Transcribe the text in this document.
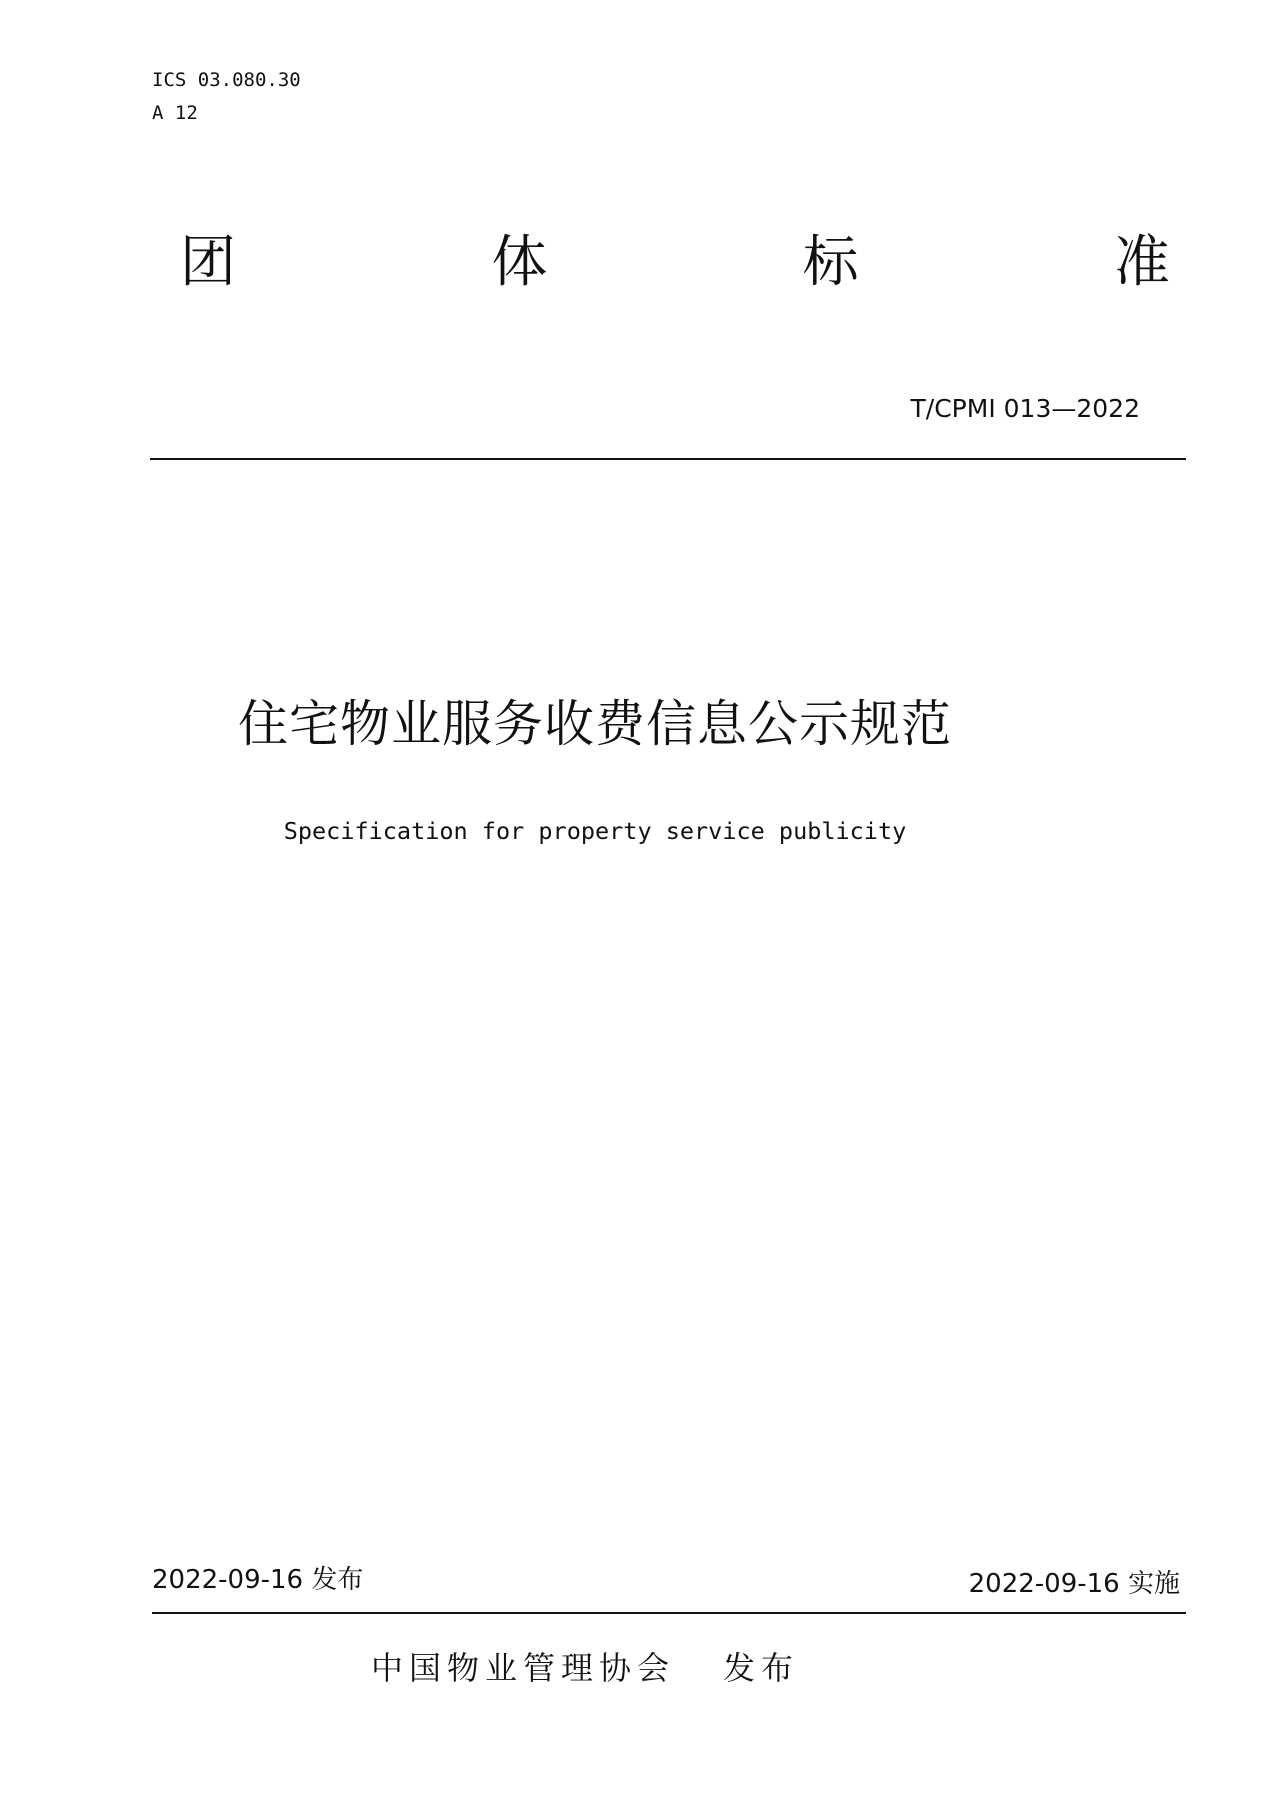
ICS 03.080.30
A 12
团	体	标	准
T/CPMI 013—2022
住宅物业服务收费信息公示规范
Specification for property service publicity
2022-09-16 发布	2022-09-16 实施
中国物业管理协会 发布
